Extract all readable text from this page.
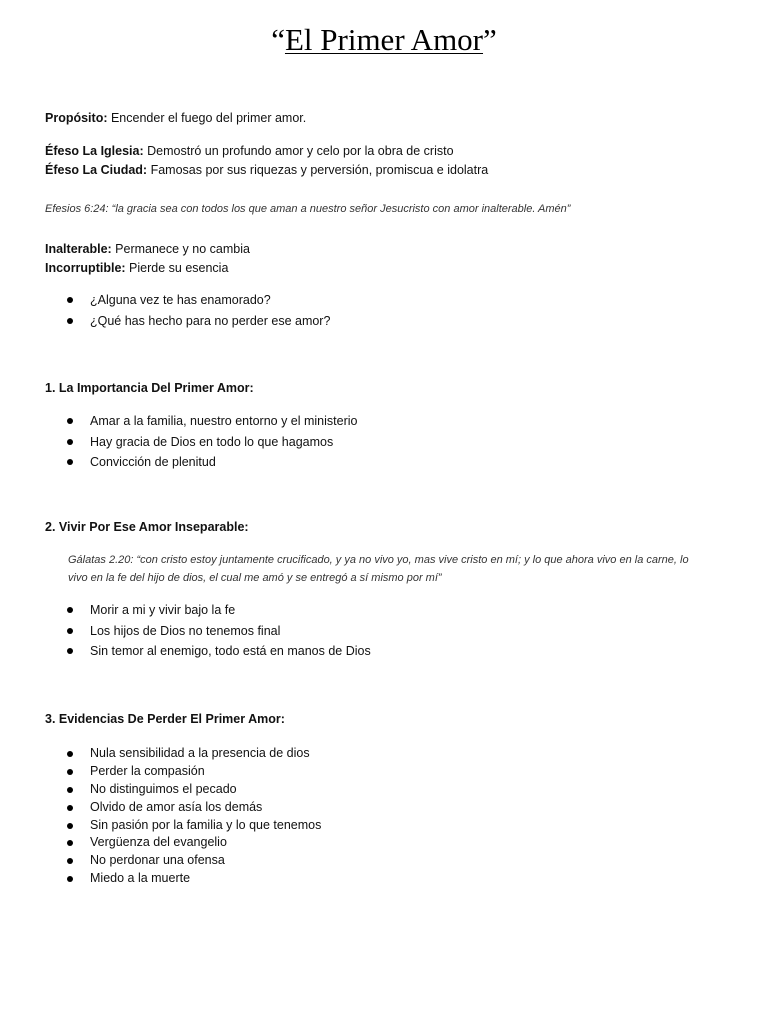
“El Primer Amor”
Propósito: Encender el fuego del primer amor.
Éfeso La Iglesia: Demostró un profundo amor y celo por la obra de cristo
Éfeso La Ciudad: Famosas por sus riquezas y perversión, promiscua e idolatra
Efesios 6:24: “la gracia sea con todos los que aman a nuestro señor Jesucristo con amor inalterable. Amén”
Inalterable: Permanece y no cambia
Incorruptible: Pierde su esencia
¿Alguna vez te has enamorado?
¿Qué has hecho para no perder ese amor?
1. La Importancia Del Primer Amor:
Amar a la familia, nuestro entorno y el ministerio
Hay gracia de Dios en todo lo que hagamos
Convicción de plenitud
2. Vivir Por Ese Amor Inseparable:
Gálatas 2.20: “con cristo estoy juntamente crucificado, y ya no vivo yo, mas vive cristo en mí; y lo que ahora vivo en la carne, lo
vivo en la fe del hijo de dios, el cual me amó y se entregó a sí mismo por mí”
Morir a mi y vivir bajo la fe
Los hijos de Dios no tenemos final
Sin temor al enemigo, todo está en manos de Dios
3. Evidencias De Perder El Primer Amor:
Nula sensibilidad a la presencia de dios
Perder la compasión
No distinguimos el pecado
Olvido de amor asía los demás
Sin pasión por la familia y lo que tenemos
Vergüenza del evangelio
No perdonar una ofensa
Miedo a la muerte
